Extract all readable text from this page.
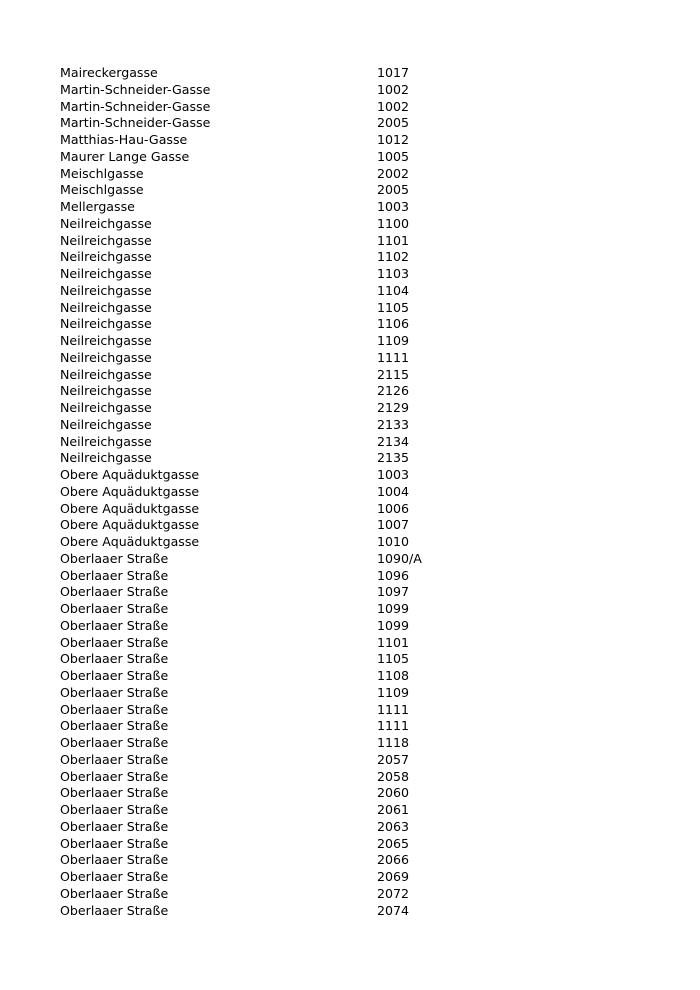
Maireckergasse	1017
Martin-Schneider-Gasse	1002
Martin-Schneider-Gasse	1002
Martin-Schneider-Gasse	2005
Matthias-Hau-Gasse	1012
Maurer Lange Gasse	1005
Meischlgasse	2002
Meischlgasse	2005
Mellergasse	1003
Neilreichgasse	1100
Neilreichgasse	1101
Neilreichgasse	1102
Neilreichgasse	1103
Neilreichgasse	1104
Neilreichgasse	1105
Neilreichgasse	1106
Neilreichgasse	1109
Neilreichgasse	1111
Neilreichgasse	2115
Neilreichgasse	2126
Neilreichgasse	2129
Neilreichgasse	2133
Neilreichgasse	2134
Neilreichgasse	2135
Obere Aquäduktgasse	1003
Obere Aquäduktgasse	1004
Obere Aquäduktgasse	1006
Obere Aquäduktgasse	1007
Obere Aquäduktgasse	1010
Oberlaaer Straße	1090/A
Oberlaaer Straße	1096
Oberlaaer Straße	1097
Oberlaaer Straße	1099
Oberlaaer Straße	1099
Oberlaaer Straße	1101
Oberlaaer Straße	1105
Oberlaaer Straße	1108
Oberlaaer Straße	1109
Oberlaaer Straße	1111
Oberlaaer Straße	1111
Oberlaaer Straße	1118
Oberlaaer Straße	2057
Oberlaaer Straße	2058
Oberlaaer Straße	2060
Oberlaaer Straße	2061
Oberlaaer Straße	2063
Oberlaaer Straße	2065
Oberlaaer Straße	2066
Oberlaaer Straße	2069
Oberlaaer Straße	2072
Oberlaaer Straße	2074
